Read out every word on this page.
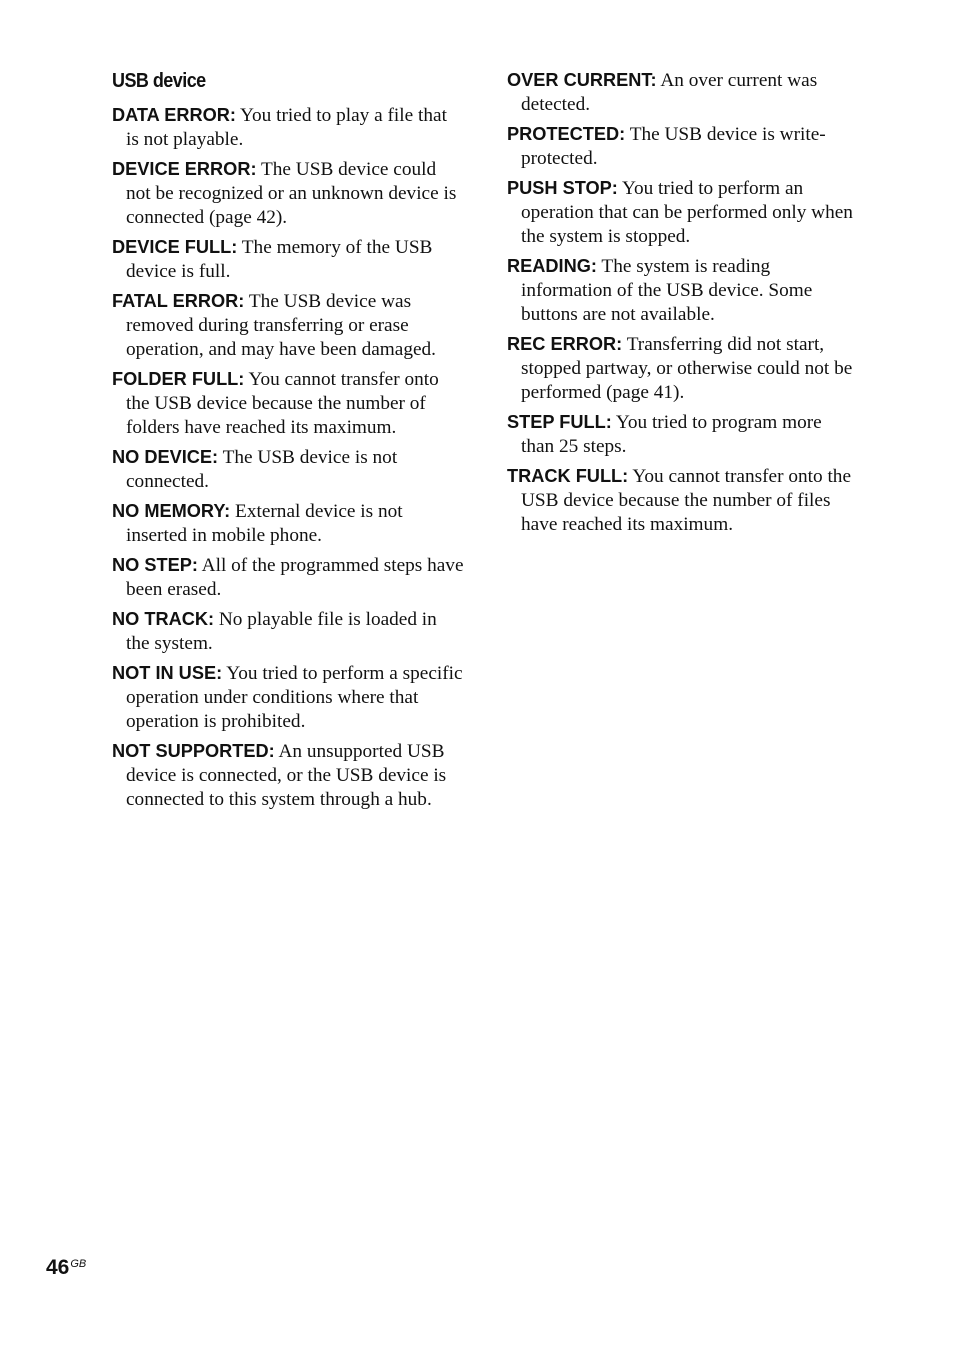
USB device

DATA ERROR: You tried to play a file that is not playable.

DEVICE ERROR: The USB device could not be recognized or an unknown device is connected (page 42).

DEVICE FULL: The memory of the USB device is full.

FATAL ERROR: The USB device was removed during transferring or erase operation, and may have been damaged.

FOLDER FULL: You cannot transfer onto the USB device because the number of folders have reached its maximum.

NO DEVICE: The USB device is not connected.

NO MEMORY: External device is not inserted in mobile phone.

NO STEP: All of the programmed steps have been erased.

NO TRACK: No playable file is loaded in the system.

NOT IN USE: You tried to perform a specific operation under conditions where that operation is prohibited.

NOT SUPPORTED: An unsupported USB device is connected, or the USB device is connected to this system through a hub.

OVER CURRENT: An over current was detected.

PROTECTED: The USB device is write-protected.

PUSH STOP: You tried to perform an operation that can be performed only when the system is stopped.

READING: The system is reading information of the USB device. Some buttons are not available.

REC ERROR: Transferring did not start, stopped partway, or otherwise could not be performed (page 41).

STEP FULL: You tried to program more than 25 steps.

TRACK FULL: You cannot transfer onto the USB device because the number of files have reached its maximum.

$46^{GB}$
